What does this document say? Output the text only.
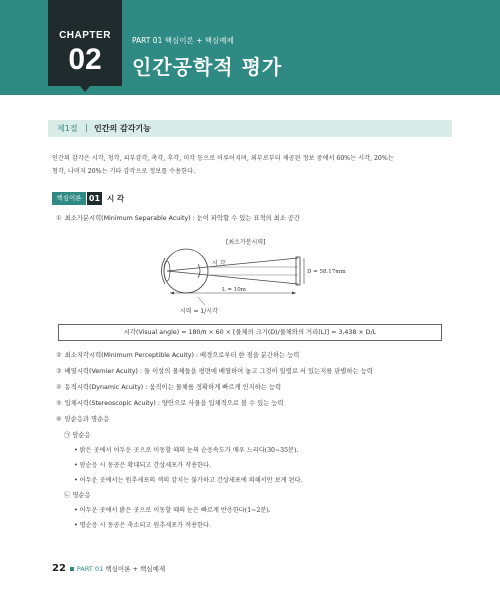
CHAPTER
02
PART 01 핵심이론 + 핵심예제
인간공학적 평가
제1절 | 인간의 감각기능
인간의 감각은 시각, 청각, 피부감각, 촉각, 후각, 미각 등으로 이루어지며, 외부로부터 제공된 정보 중에서 60%는 시각, 20%는
청각, 나머지 20%는 기타 감각으로 정보를 수용한다.
핵심이론 01 시 각
① 최소가분시력(Minimum Separable Acuity) : 눈이 파악할 수 있는 표적의 최소 공간
[최소가분시력]
시 각
D = 58.17mm
L = 10m
시력 = 1/시각
시각(Visual angle) = 180/π × 60 × [물체의 크기(D)/물체와의 거리(L)] = 3,438 × D/L
② 최소지각시력(Minimum Perceptible Acuity) : 배경으로부터 한 점을 분간하는 능력
③ 배열시력(Vernier Acuity) : 둘 이상의 물체들을 평면에 배열하여 놓고 그것이 일렬로 서 있는지를 판별하는 능력
④ 동적시력(Dynamic Acuity) : 움직이는 물체를 정확하게 빠르게 인지하는 능력
⑤ 입체시력(Stereoscopic Acuity) : 양안으로 사물을 입체적으로 볼 수 있는 능력
⑥ 암순응과 명순응
㉠ 암순응
• 밝은 곳에서 어두운 곳으로 이동할 때의 눈의 순응속도가 매우 느리다(30~35분).
• 암순응 시 동공은 확대되고 간상세포가 작용한다.
• 어두운 곳에서는 원추세포의 색의 감지는 불가하고 간상세포에 의해서만 보게 된다.
㉡ 명순응
• 어두운 곳에서 밝은 곳으로 이동할 때의 눈은 빠르게 반응한다(1~2분).
• 명순응 시 동공은 축소되고 원추세포가 작용한다.
22 PART 01 핵심이론 + 핵심예제
